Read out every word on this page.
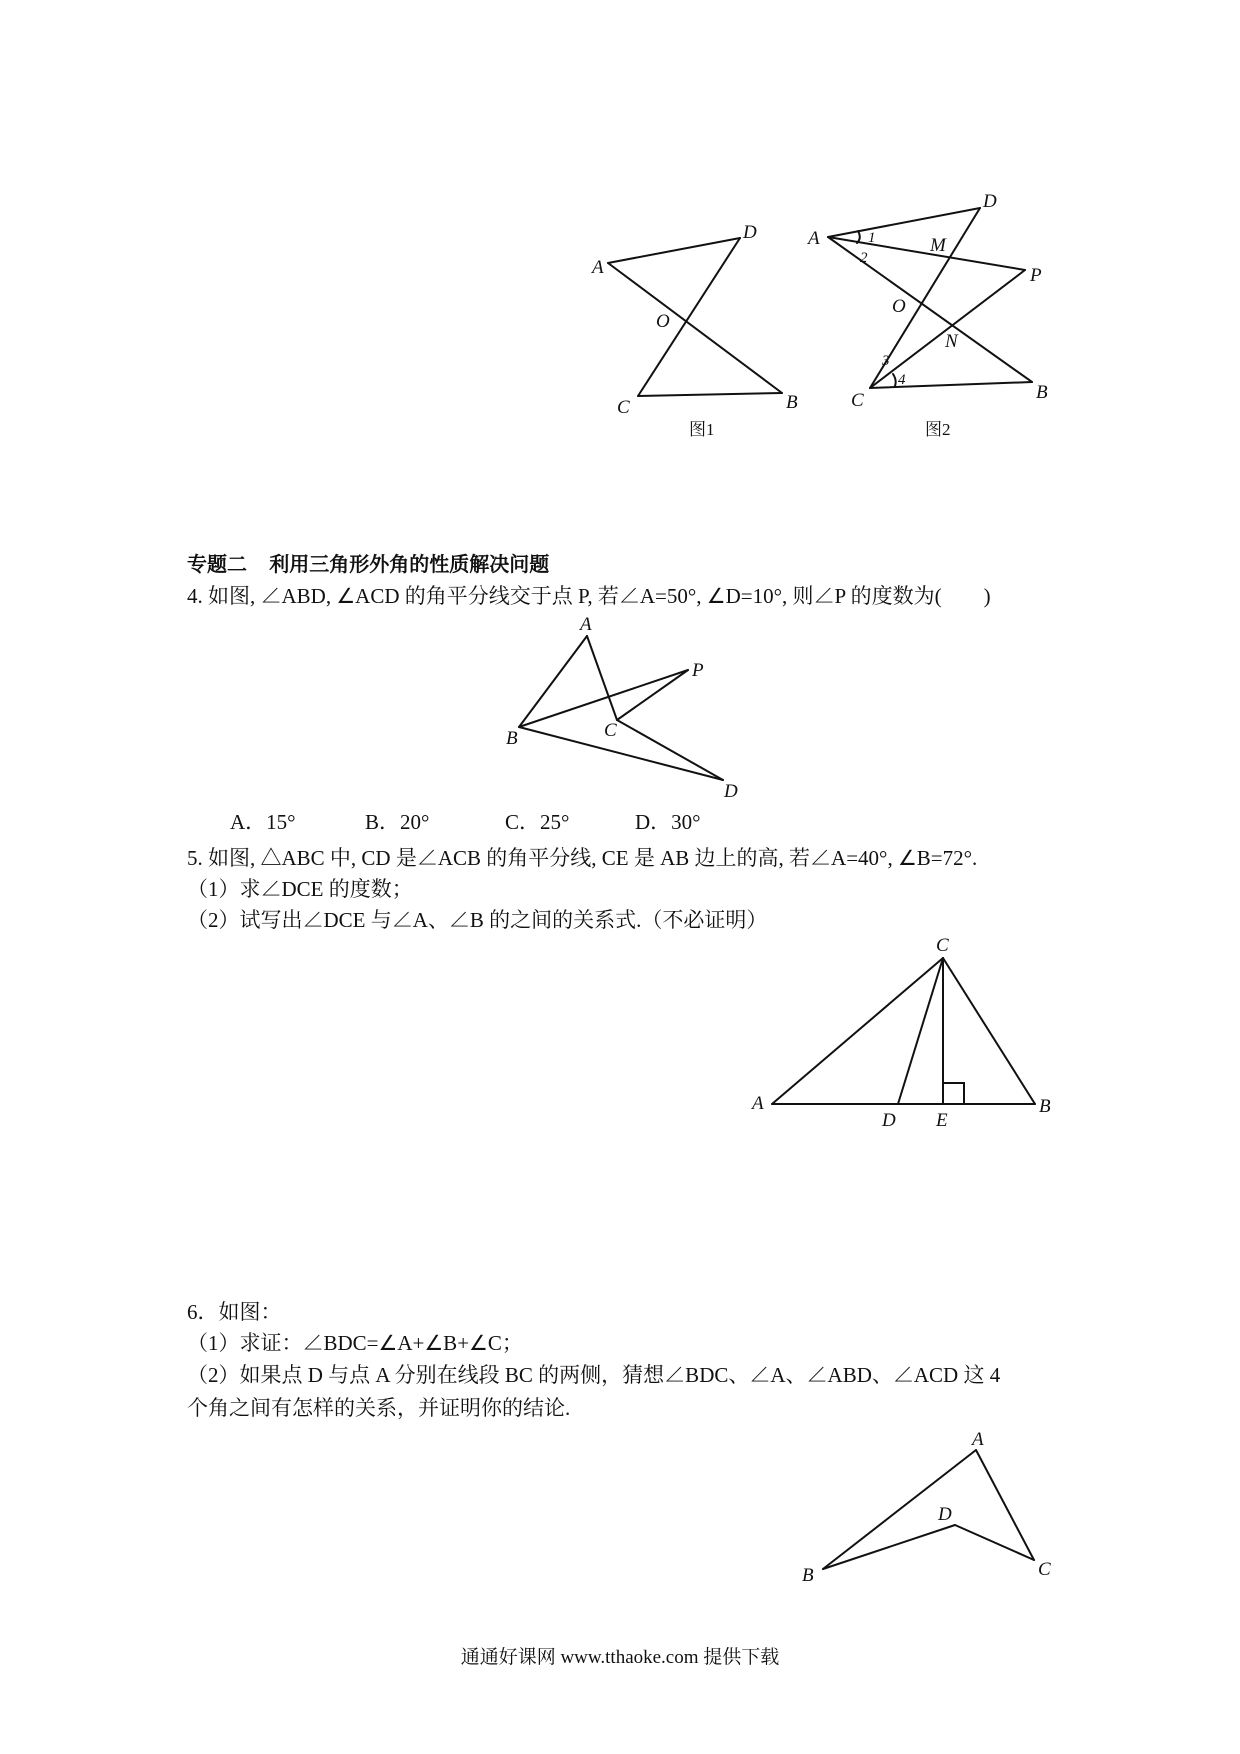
A
D
O
C	B
图1
A
D
M
P
O
N
C	B
1
2
3
4
图2
专题二    利用三角形外角的性质解决问题
4. 如图, ∠ABD, ∠ACD 的角平分线交于点 P, 若∠A=50°, ∠D=10°, 则∠P 的度数为(        )
A
P
B	C
D
A．15°	B．20°	C．25°	D．30°
5. 如图, △ABC 中, CD 是∠ACB 的角平分线, CE 是 AB 边上的高, 若∠A=40°, ∠B=72°.
（1）求∠DCE 的度数；
（2）试写出∠DCE 与∠A、∠B 的之间的关系式.（不必证明）
C
A
D E
B
6．如图：
（1）求证：∠BDC=∠A+∠B+∠C；
（2）如果点 D 与点 A 分别在线段 BC 的两侧，猜想∠BDC、∠A、∠ABD、∠ACD 这 4
个角之间有怎样的关系，并证明你的结论.
A
D
B	C
通通好课网 www.tthaoke.com 提供下载
